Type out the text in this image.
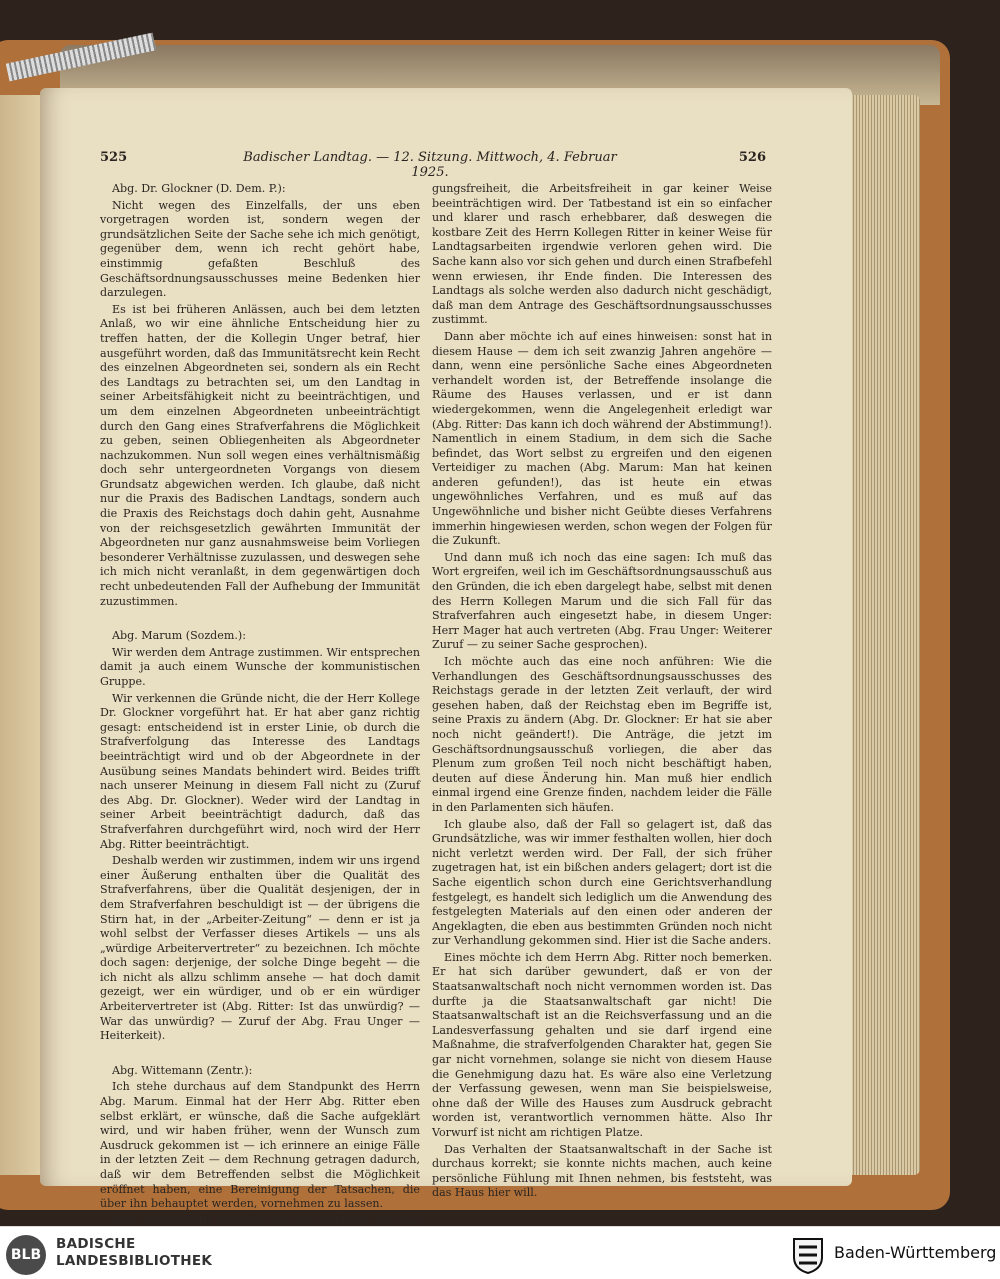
525	Badischer Landtag. — 12. Sitzung. Mittwoch, 4. Februar 1925.
526

Abg. Dr. Glockner (D. Dem. P.):

Nicht wegen des Einzelfalls, der uns eben vorgetragen worden ist, sondern wegen der grundsätzlichen Seite der Sache sehe ich mich genötigt, gegenüber dem, wenn ich recht gehört habe, einstimmig gefaßten Beschluß des Geschäftsordnungsausschusses meine Bedenken hier darzulegen.

Es ist bei früheren Anlässen, auch bei dem letzten Anlaß, wo wir eine ähnliche Entscheidung hier zu treffen hatten, der die Kollegin Unger betraf, hier ausgeführt worden, daß das Immunitätsrecht kein Recht des einzelnen Abgeordneten sei, sondern als ein Recht des Landtags zu betrachten sei, um den Landtag in seiner Arbeitsfähigkeit nicht zu beeinträchtigen, und um dem einzelnen Abgeordneten unbeeinträchtigt durch den Gang eines Strafverfahrens die Möglichkeit zu geben, seinen Obliegenheiten als Abgeordneter nachzukommen. Nun soll wegen eines verhältnismäßig doch sehr untergeordneten Vorgangs von diesem Grundsatz abgewichen werden. Ich glaube, daß nicht nur die Praxis des Badischen Landtags, sondern auch die Praxis des Reichstags doch dahin geht, Ausnahme von der reichsgesetzlich gewährten Immunität der Abgeordneten nur ganz ausnahmsweise beim Vorliegen besonderer Verhältnisse zuzulassen, und deswegen sehe ich mich nicht veranlaßt, in dem gegenwärtigen doch recht unbedeutenden Fall der Aufhebung der Immunität zuzustimmen.

Abg. Marum (Sozdem.):

Wir werden dem Antrage zustimmen. Wir entsprechen damit ja auch einem Wunsche der kommunistischen Gruppe.

Wir verkennen die Gründe nicht, die der Herr Kollege Dr. Glockner vorgeführt hat. Er hat aber ganz richtig gesagt: entscheidend ist in erster Linie, ob durch die Strafverfolgung das Interesse des Landtags beeinträchtigt wird und ob der Abgeordnete in der Ausübung seines Mandats behindert wird. Beides trifft nach unserer Meinung in diesem Fall nicht zu (Zuruf des Abg. Dr. Glockner). Weder wird der Landtag in seiner Arbeit beeinträchtigt dadurch, daß das Strafverfahren durchgeführt wird, noch wird der Herr Abg. Ritter beeinträchtigt.

Deshalb werden wir zustimmen, indem wir uns irgend einer Äußerung enthalten über die Qualität des Strafverfahrens, über die Qualität desjenigen, der in dem Strafverfahren beschuldigt ist — der übrigens die Stirn hat, in der „Arbeiter-Zeitung“ — denn er ist ja wohl selbst der Verfasser dieses Artikels — uns als „würdige Arbeitervertreter“ zu bezeichnen. Ich möchte doch sagen: derjenige, der solche Dinge begeht — die ich nicht als allzu schlimm ansehe — hat doch damit gezeigt, wer ein würdiger, und ob er ein würdiger Arbeitervertreter ist (Abg. Ritter: Ist das unwürdig? — War das unwürdig? — Zuruf der Abg. Frau Unger — Heiterkeit).

Abg. Wittemann (Zentr.):

Ich stehe durchaus auf dem Standpunkt des Herrn Abg. Marum. Einmal hat der Herr Abg. Ritter eben selbst erklärt, er wünsche, daß die Sache aufgeklärt wird, und wir haben früher, wenn der Wunsch zum Ausdruck gekommen ist — ich erinnere an einige Fälle in der letzten Zeit — dem Rechnung getragen dadurch, daß wir dem Betreffenden selbst die Möglichkeit eröffnet haben, eine Bereinigung der Tatsachen, die über ihn behauptet werden, vornehmen zu lassen.

Zum andern trifft durchaus zu: das Verfahren, um das

gungsfreiheit, die Arbeitsfreiheit in gar keiner Weise beeinträchtigen wird. Der Tatbestand ist ein so einfacher und klarer und rasch erhebbarer, daß deswegen die kostbare Zeit des Herrn Kollegen Ritter in keiner Weise für Landtagsarbeiten irgendwie verloren gehen wird. Die Sache kann also vor sich gehen und durch einen Strafbefehl wenn erwiesen, ihr Ende finden. Die Interessen des Landtags als solche werden also dadurch nicht geschädigt, daß man dem Antrage des Geschäftsordnungsausschusses zustimmt.

Dann aber möchte ich auf eines hinweisen: sonst hat in diesem Hause — dem ich seit zwanzig Jahren angehöre — dann, wenn eine persönliche Sache eines Abgeordneten verhandelt worden ist, der Betreffende insolange die Räume des Hauses verlassen, und er ist dann wiedergekommen, wenn die Angelegenheit erledigt war (Abg. Ritter: Das kann ich doch während der Abstimmung!). Namentlich in einem Stadium, in dem sich die Sache befindet, das Wort selbst zu ergreifen und den eigenen Verteidiger zu machen (Abg. Marum: Man hat keinen anderen gefunden!), das ist heute ein etwas ungewöhnliches Verfahren, und es muß auf das Ungewöhnliche und bisher nicht Geübte dieses Verfahrens immerhin hingewiesen werden, schon wegen der Folgen für die Zukunft.

Und dann muß ich noch das eine sagen: Ich muß das Wort ergreifen, weil ich im Geschäftsordnungsausschuß aus den Gründen, die ich eben dargelegt habe, selbst mit denen des Herrn Kollegen Marum und die sich Fall für das Strafverfahren auch eingesetzt habe, in diesem Unger: Herr Mager hat auch vertreten (Abg. Frau Unger: Weiterer Zuruf — zu seiner Sache gesprochen).

Ich möchte auch das eine noch anführen: Wie die Verhandlungen des Geschäftsordnungsausschusses des Reichstags gerade in der letzten Zeit verlauft, der wird gesehen haben, daß der Reichstag eben im Begriffe ist, seine Praxis zu ändern (Abg. Dr. Glockner: Er hat sie aber noch nicht geändert!). Die Anträge, die jetzt im Geschäftsordnungsausschuß vorliegen, die aber das Plenum zum großen Teil noch nicht beschäftigt haben, deuten auf diese Änderung hin. Man muß hier endlich einmal irgend eine Grenze finden, nachdem leider die Fälle in den Parlamenten sich häufen.

Ich glaube also, daß der Fall so gelagert ist, daß das Grundsätzliche, was wir immer festhalten wollen, hier doch nicht verletzt werden wird. Der Fall, der sich früher zugetragen hat, ist ein bißchen anders gelagert; dort ist die Sache eigentlich schon durch eine Gerichtsverhandlung festgelegt, es handelt sich lediglich um die Anwendung des festgelegten Materials auf den einen oder anderen der Angeklagten, die eben aus bestimmten Gründen noch nicht zur Verhandlung gekommen sind. Hier ist die Sache anders.

Eines möchte ich dem Herrn Abg. Ritter noch bemerken. Er hat sich darüber gewundert, daß er von der Staatsanwaltschaft noch nicht vernommen worden ist. Das durfte ja die Staatsanwaltschaft gar nicht! Die Staatsanwaltschaft ist an die Reichsverfassung und an die Landesverfassung gehalten und sie darf irgend eine Maßnahme, die strafverfolgenden Charakter hat, gegen Sie gar nicht vornehmen, solange sie nicht von diesem Hause die Genehmigung dazu hat. Es wäre also eine Verletzung der Verfassung gewesen, wenn man Sie beispielsweise, ohne daß der Wille des Hauses zum Ausdruck gebracht worden ist, verantwortlich vernommen hätte. Also Ihr Vorwurf ist nicht am richtigen Platze.

Das Verhalten der Staatsanwaltschaft in der Sache ist durchaus korrekt; sie konnte nichts machen, auch keine persönliche Fühlung mit Ihnen nehmen, bis feststeht, was das Haus hier will.

BLB
BADISCHE
LANDESBIBLIOTHEK	Baden-Württemberg
